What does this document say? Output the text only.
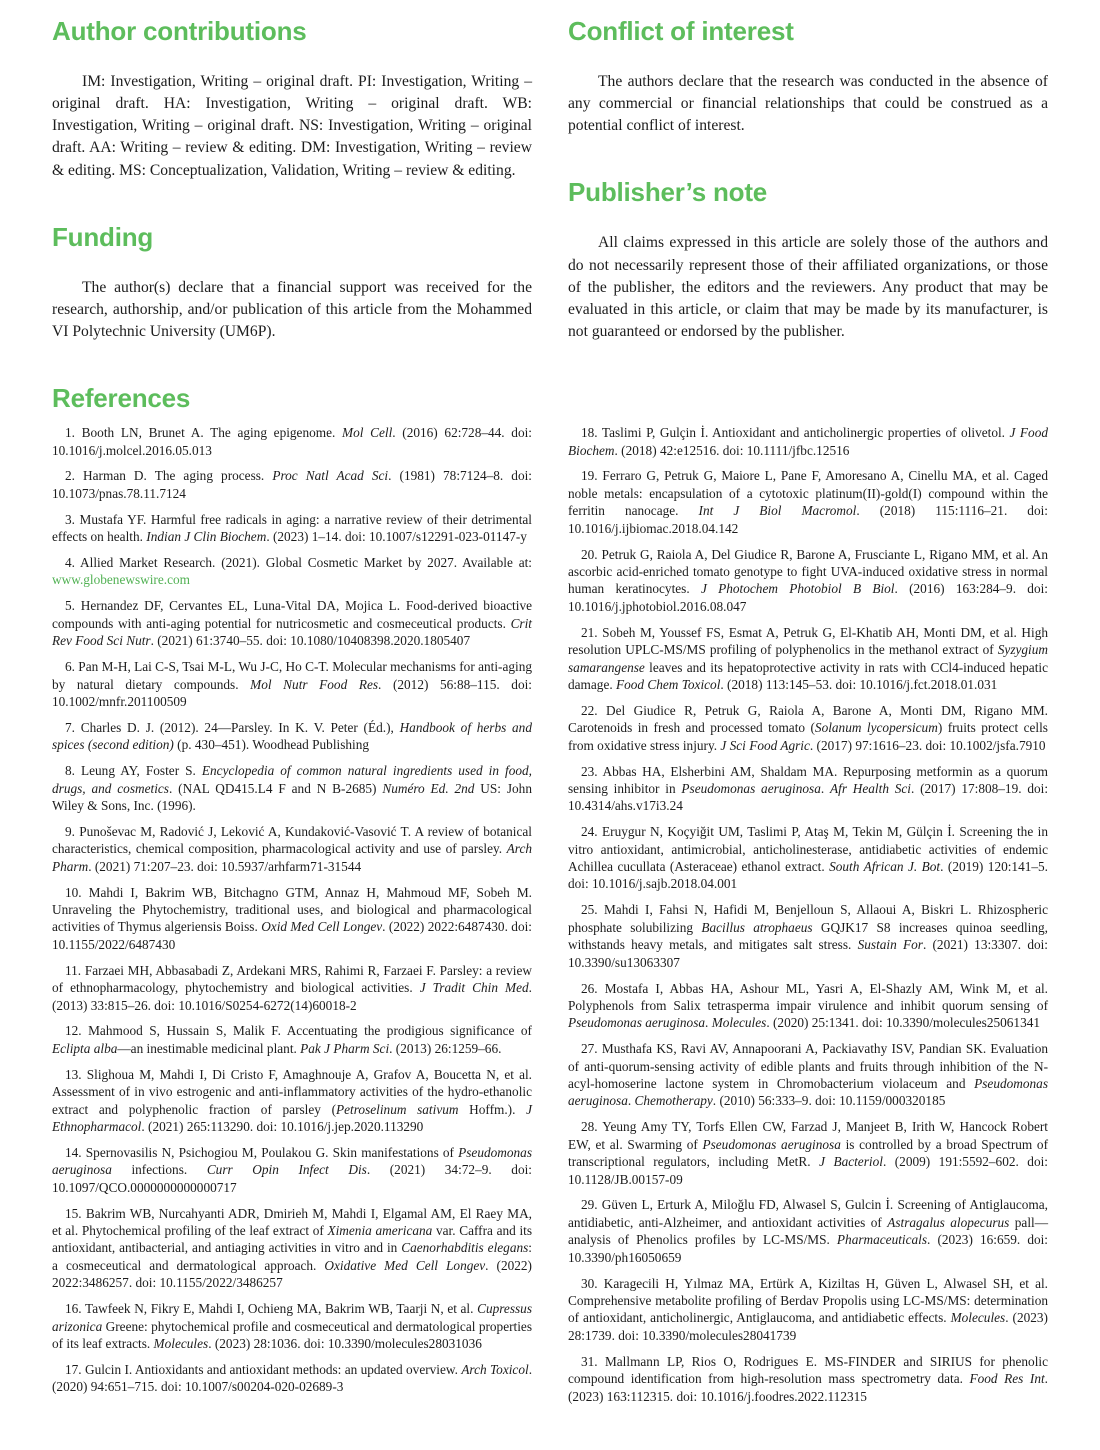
Author contributions

IM: Investigation, Writing – original draft. PI: Investigation, Writing – original draft. HA: Investigation, Writing – original draft. WB: Investigation, Writing – original draft. NS: Investigation, Writing – original draft. AA: Writing – review & editing. DM: Investigation, Writing – review & editing. MS: Conceptualization, Validation, Writing – review & editing.

Funding

The author(s) declare that a financial support was received for the research, authorship, and/or publication of this article from the Mohammed VI Polytechnic University (UM6P).

References
Conflict of interest

The authors declare that the research was conducted in the absence of any commercial or financial relationships that could be construed as a potential conflict of interest.

Publisher’s note

All claims expressed in this article are solely those of the authors and do not necessarily represent those of their affiliated organizations, or those of the publisher, the editors and the reviewers. Any product that may be evaluated in this article, or claim that may be made by its manufacturer, is not guaranteed or endorsed by the publisher.

1. Booth LN, Brunet A. The aging epigenome. Mol Cell. (2016) 62:728–44. doi: 10.1016/j.molcel.2016.05.013

2. Harman D. The aging process. Proc Natl Acad Sci. (1981) 78:7124–8. doi: 10.1073/pnas.78.11.7124

3. Mustafa YF. Harmful free radicals in aging: a narrative review of their detrimental effects on health. Indian J Clin Biochem. (2023) 1–14. doi: 10.1007/s12291-023-01147-y

4. Allied Market Research. (2021). Global Cosmetic Market by 2027. Available at: www.globenewswire.com

5. Hernandez DF, Cervantes EL, Luna-Vital DA, Mojica L. Food-derived bioactive compounds with anti-aging potential for nutricosmetic and cosmeceutical products. Crit Rev Food Sci Nutr. (2021) 61:3740–55. doi: 10.1080/10408398.2020.1805407

6. Pan M-H, Lai C-S, Tsai M-L, Wu J-C, Ho C-T. Molecular mechanisms for anti-aging by natural dietary compounds. Mol Nutr Food Res. (2012) 56:88–115. doi: 10.1002/mnfr.201100509

7. Charles D. J. (2012). 24—Parsley. In K. V. Peter (Éd.), Handbook of herbs and spices (second edition) (p. 430–451). Woodhead Publishing

8. Leung AY, Foster S. Encyclopedia of common natural ingredients used in food, drugs, and cosmetics. (NAL QD415.L4 F and N B-2685) Numéro Ed. 2nd US: John Wiley & Sons, Inc. (1996).

9. Punoševac M, Radović J, Leković A, Kundaković-Vasović T. A review of botanical characteristics, chemical composition, pharmacological activity and use of parsley. Arch Pharm. (2021) 71:207–23. doi: 10.5937/arhfarm71-31544

10. Mahdi I, Bakrim WB, Bitchagno GTM, Annaz H, Mahmoud MF, Sobeh M. Unraveling the Phytochemistry, traditional uses, and biological and pharmacological activities of Thymus algeriensis Boiss. Oxid Med Cell Longev. (2022) 2022:6487430. doi: 10.1155/2022/6487430

11. Farzaei MH, Abbasabadi Z, Ardekani MRS, Rahimi R, Farzaei F. Parsley: a review of ethnopharmacology, phytochemistry and biological activities. J Tradit Chin Med. (2013) 33:815–26. doi: 10.1016/S0254-6272(14)60018-2

12. Mahmood S, Hussain S, Malik F. Accentuating the prodigious significance of Eclipta alba—an inestimable medicinal plant. Pak J Pharm Sci. (2013) 26:1259–66.

13. Slighoua M, Mahdi I, Di Cristo F, Amaghnouje A, Grafov A, Boucetta N, et al. Assessment of in vivo estrogenic and anti-inflammatory activities of the hydro-ethanolic extract and polyphenolic fraction of parsley (Petroselinum sativum Hoffm.). J Ethnopharmacol. (2021) 265:113290. doi: 10.1016/j.jep.2020.113290

14. Spernovasilis N, Psichogiou M, Poulakou G. Skin manifestations of Pseudomonas aeruginosa infections. Curr Opin Infect Dis. (2021) 34:72–9. doi: 10.1097/QCO.0000000000000717

15. Bakrim WB, Nurcahyanti ADR, Dmirieh M, Mahdi I, Elgamal AM, El Raey MA, et al. Phytochemical profiling of the leaf extract of Ximenia americana var. Caffra and its antioxidant, antibacterial, and antiaging activities in vitro and in Caenorhabditis elegans: a cosmeceutical and dermatological approach. Oxidative Med Cell Longev. (2022) 2022:3486257. doi: 10.1155/2022/3486257

16. Tawfeek N, Fikry E, Mahdi I, Ochieng MA, Bakrim WB, Taarji N, et al. Cupressus arizonica Greene: phytochemical profile and cosmeceutical and dermatological properties of its leaf extracts. Molecules. (2023) 28:1036. doi: 10.3390/molecules28031036

17. Gulcin I. Antioxidants and antioxidant methods: an updated overview. Arch Toxicol. (2020) 94:651–715. doi: 10.1007/s00204-020-02689-3

18. Taslimi P, Gulçin İ. Antioxidant and anticholinergic properties of olivetol. J Food Biochem. (2018) 42:e12516. doi: 10.1111/jfbc.12516

19. Ferraro G, Petruk G, Maiore L, Pane F, Amoresano A, Cinellu MA, et al. Caged noble metals: encapsulation of a cytotoxic platinum(II)-gold(I) compound within the ferritin nanocage. Int J Biol Macromol. (2018) 115:1116–21. doi: 10.1016/j.ijbiomac.2018.04.142

20. Petruk G, Raiola A, Del Giudice R, Barone A, Frusciante L, Rigano MM, et al. An ascorbic acid-enriched tomato genotype to fight UVA-induced oxidative stress in normal human keratinocytes. J Photochem Photobiol B Biol. (2016) 163:284–9. doi: 10.1016/j.jphotobiol.2016.08.047

21. Sobeh M, Youssef FS, Esmat A, Petruk G, El-Khatib AH, Monti DM, et al. High resolution UPLC-MS/MS profiling of polyphenolics in the methanol extract of Syzygium samarangense leaves and its hepatoprotective activity in rats with CCl4-induced hepatic damage. Food Chem Toxicol. (2018) 113:145–53. doi: 10.1016/j.fct.2018.01.031

22. Del Giudice R, Petruk G, Raiola A, Barone A, Monti DM, Rigano MM. Carotenoids in fresh and processed tomato (Solanum lycopersicum) fruits protect cells from oxidative stress injury. J Sci Food Agric. (2017) 97:1616–23. doi: 10.1002/jsfa.7910

23. Abbas HA, Elsherbini AM, Shaldam MA. Repurposing metformin as a quorum sensing inhibitor in Pseudomonas aeruginosa. Afr Health Sci. (2017) 17:808–19. doi: 10.4314/ahs.v17i3.24

24. Eruygur N, Koçyiğit UM, Taslimi P, Ataş M, Tekin M, Gülçin İ. Screening the in vitro antioxidant, antimicrobial, anticholinesterase, antidiabetic activities of endemic Achillea cucullata (Asteraceae) ethanol extract. South African J. Bot. (2019) 120:141–5. doi: 10.1016/j.sajb.2018.04.001

25. Mahdi I, Fahsi N, Hafidi M, Benjelloun S, Allaoui A, Biskri L. Rhizospheric phosphate solubilizing Bacillus atrophaeus GQJK17 S8 increases quinoa seedling, withstands heavy metals, and mitigates salt stress. Sustain For. (2021) 13:3307. doi: 10.3390/su13063307

26. Mostafa I, Abbas HA, Ashour ML, Yasri A, El-Shazly AM, Wink M, et al. Polyphenols from Salix tetrasperma impair virulence and inhibit quorum sensing of Pseudomonas aeruginosa. Molecules. (2020) 25:1341. doi: 10.3390/molecules25061341

27. Musthafa KS, Ravi AV, Annapoorani A, Packiavathy ISV, Pandian SK. Evaluation of anti-quorum-sensing activity of edible plants and fruits through inhibition of the N-acyl-homoserine lactone system in Chromobacterium violaceum and Pseudomonas aeruginosa. Chemotherapy. (2010) 56:333–9. doi: 10.1159/000320185

28. Yeung Amy TY, Torfs Ellen CW, Farzad J, Manjeet B, Irith W, Hancock Robert EW, et al. Swarming of Pseudomonas aeruginosa is controlled by a broad Spectrum of transcriptional regulators, including MetR. J Bacteriol. (2009) 191:5592–602. doi: 10.1128/JB.00157-09

29. Güven L, Erturk A, Miloğlu FD, Alwasel S, Gulcin İ. Screening of Antiglaucoma, antidiabetic, anti-Alzheimer, and antioxidant activities of Astragalus alopecurus pall—analysis of Phenolics profiles by LC-MS/MS. Pharmaceuticals. (2023) 16:659. doi: 10.3390/ph16050659

30. Karagecili H, Yılmaz MA, Ertürk A, Kiziltas H, Güven L, Alwasel SH, et al. Comprehensive metabolite profiling of Berdav Propolis using LC-MS/MS: determination of antioxidant, anticholinergic, Antiglaucoma, and antidiabetic effects. Molecules. (2023) 28:1739. doi: 10.3390/molecules28041739

31. Mallmann LP, Rios O, Rodrigues E. MS-FINDER and SIRIUS for phenolic compound identification from high-resolution mass spectrometry data. Food Res Int. (2023) 163:112315. doi: 10.1016/j.foodres.2022.112315
